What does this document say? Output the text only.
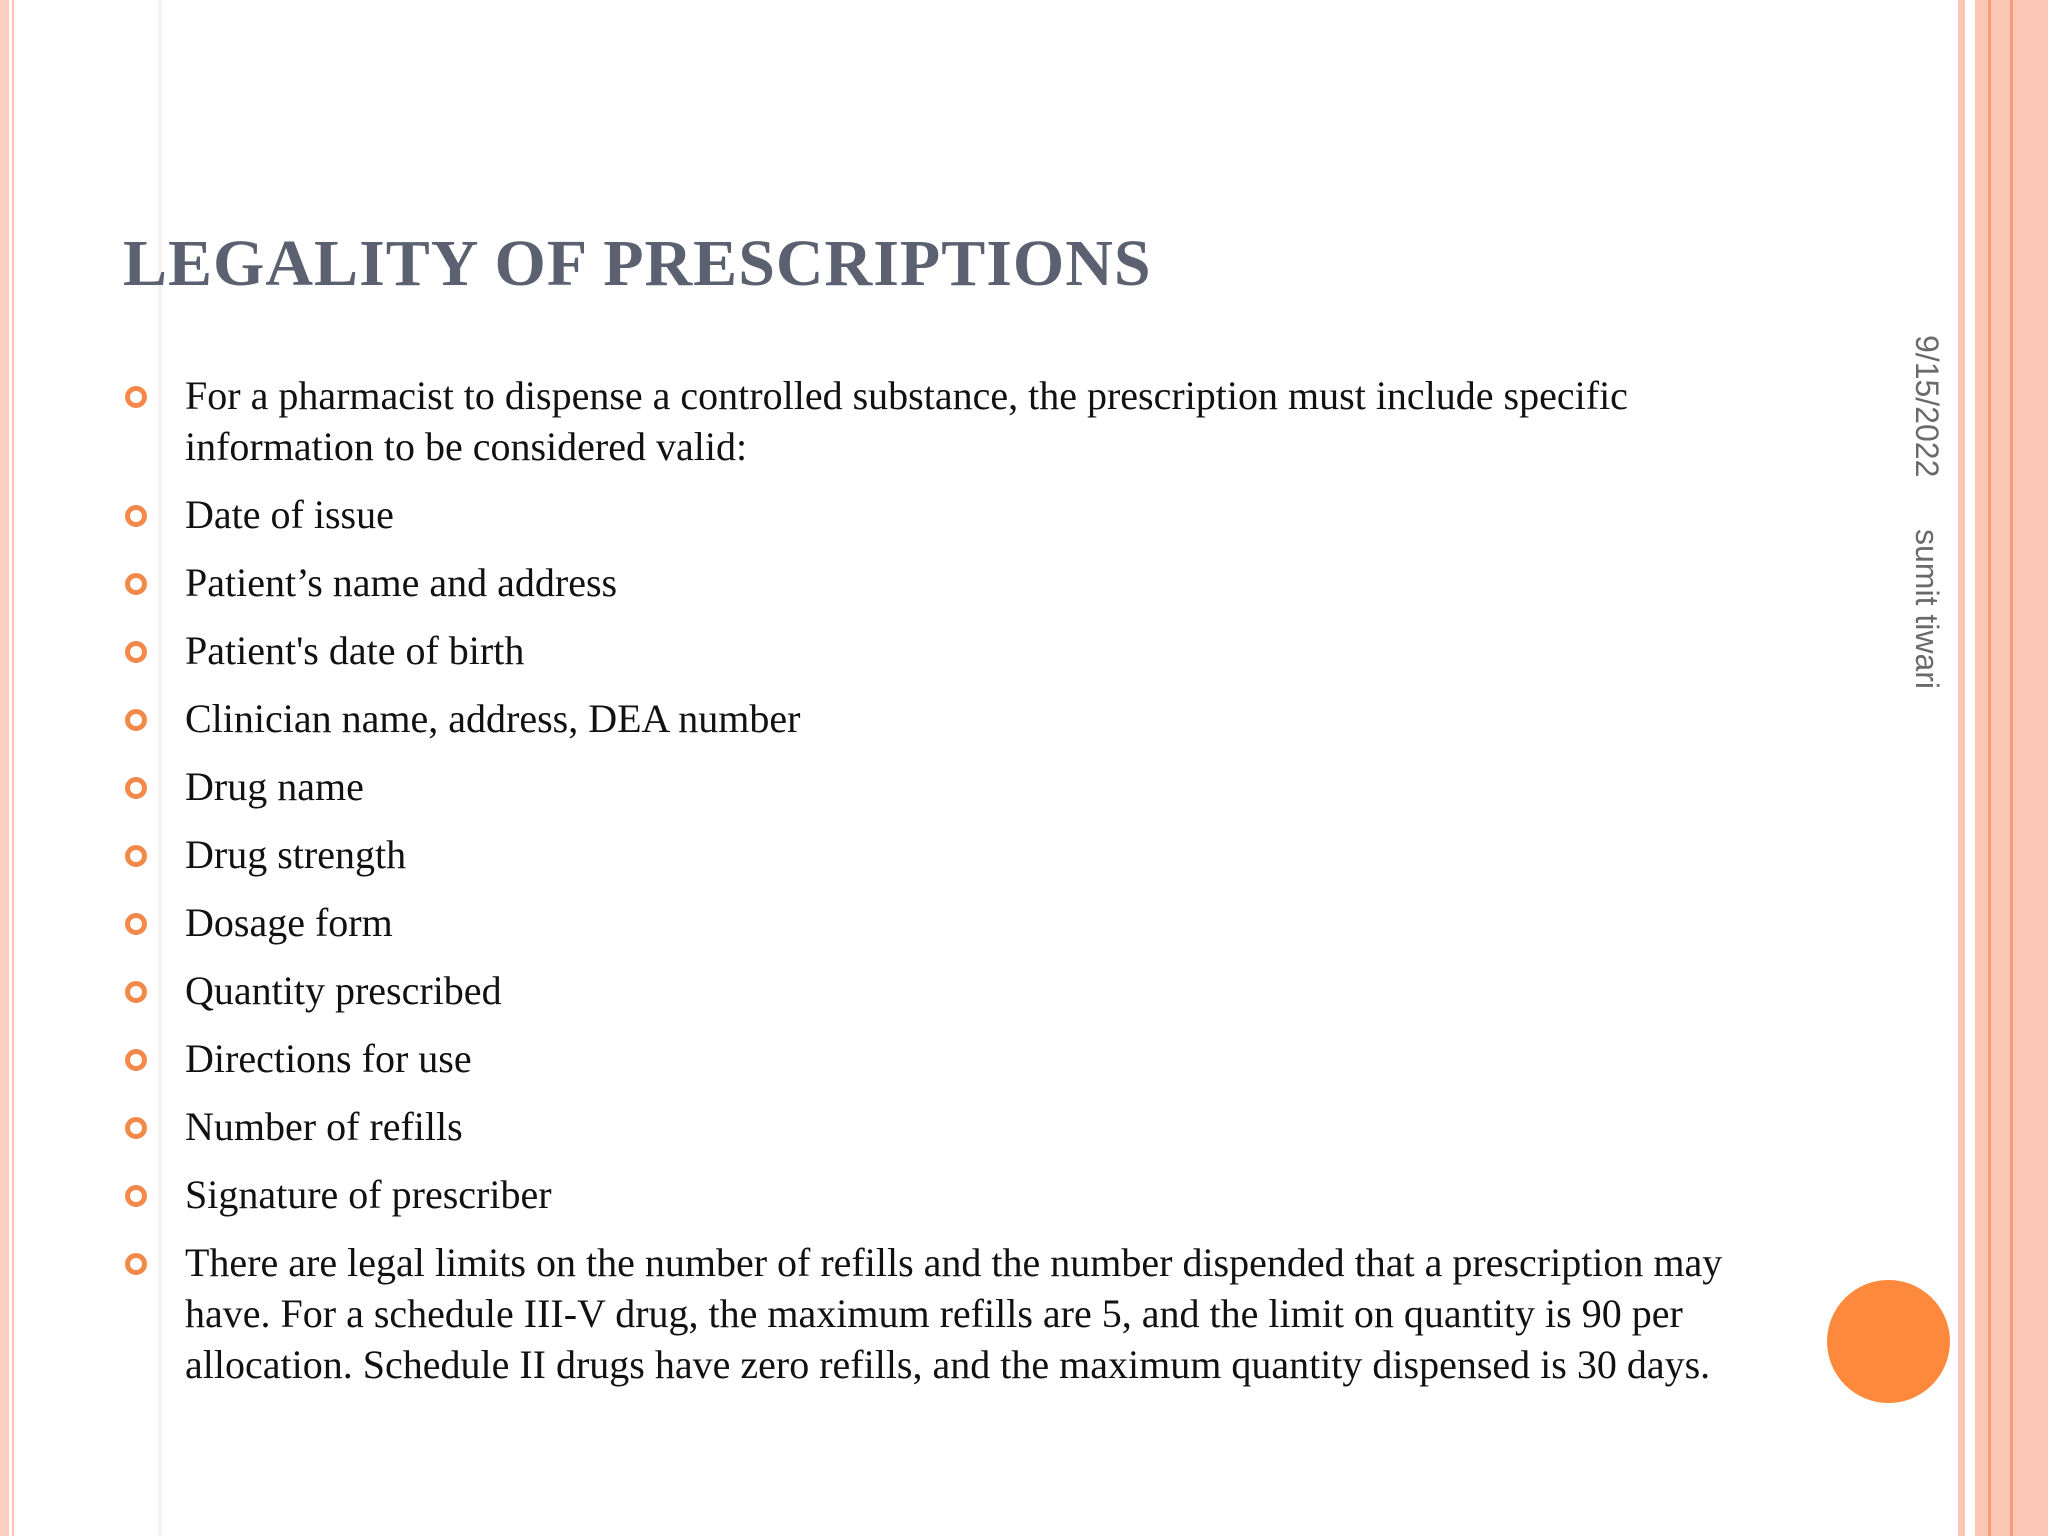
LEGALITY OF PRESCRIPTIONS
9/15/2022sumit tiwari
For a pharmacist to dispense a controlled substance, the prescription must include specific information to be considered valid:
Date of issue
Patient’s name and address
Patient's date of birth
Clinician name, address, DEA number
Drug name
Drug strength
Dosage form
Quantity prescribed
Directions for use
Number of refills
Signature of prescriber
There are legal limits on the number of refills and the number dispended that a prescription may have. For a schedule III-V drug, the maximum refills are 5, and the limit on quantity is 90 per allocation. Schedule II drugs have zero refills, and the maximum quantity dispensed is 30 days.
